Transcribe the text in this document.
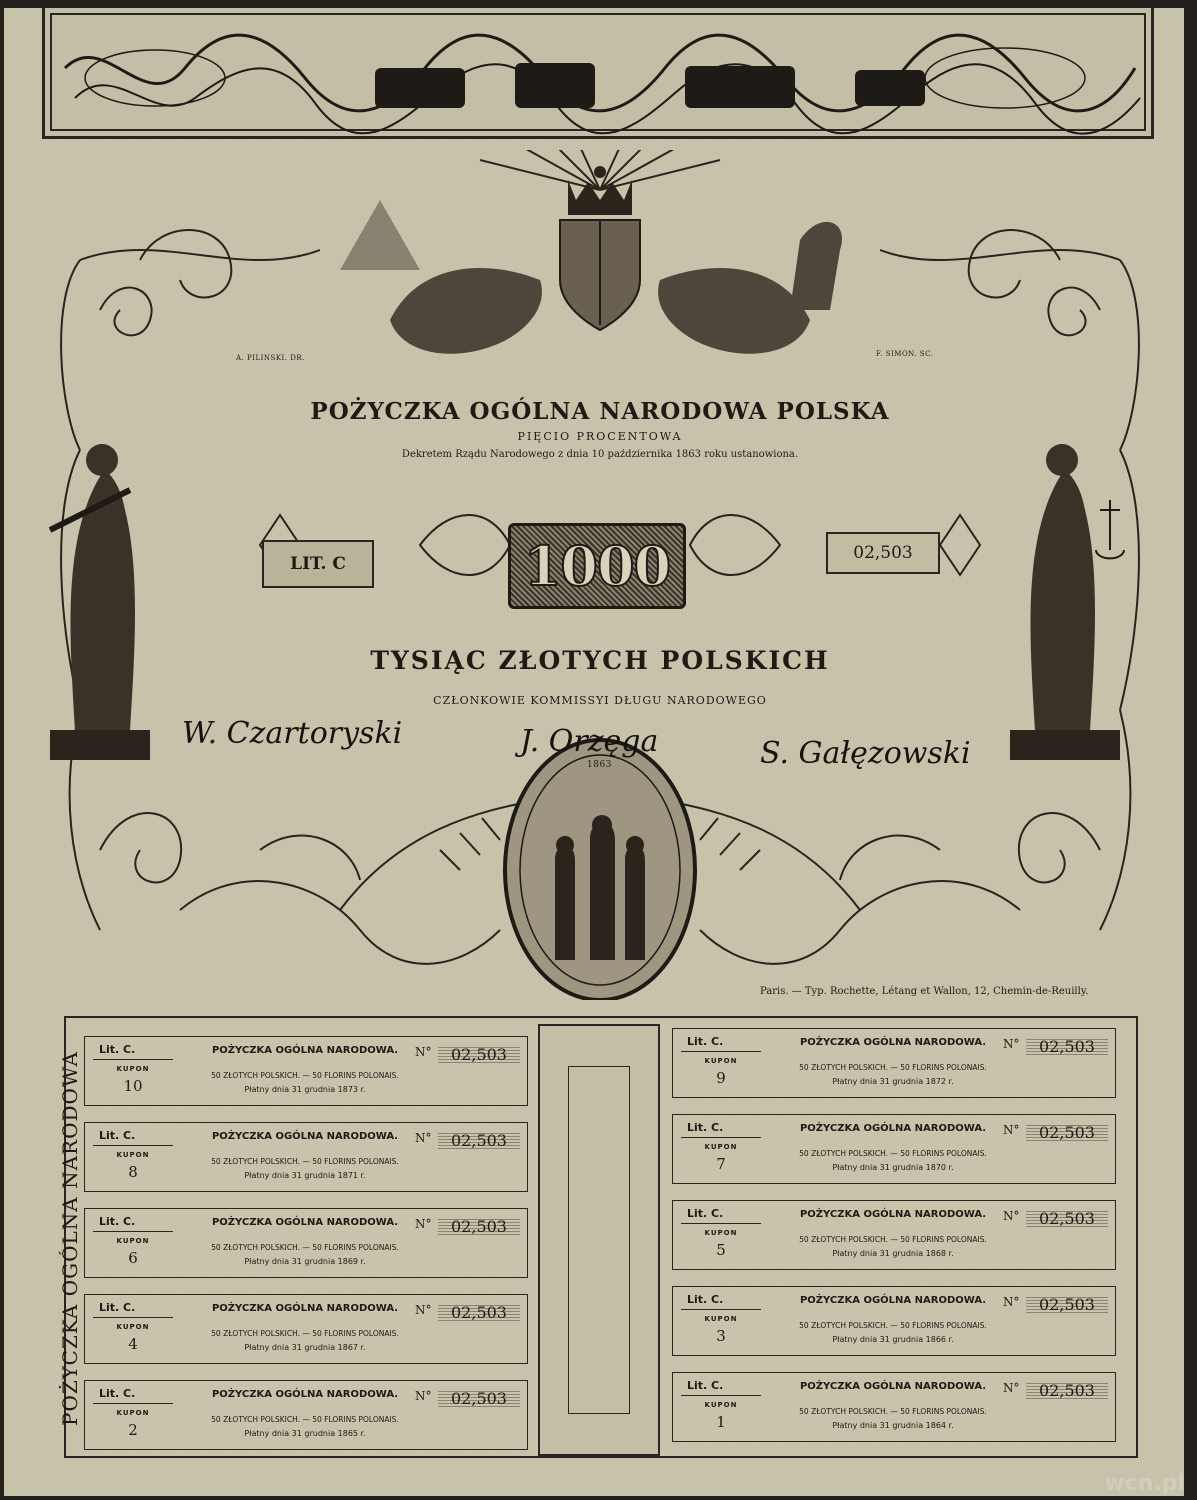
POŻYCZKA OGÓLNA NARODOWA POLSKA
PIĘCIO PROCENTOWA
Dekretem Rządu Narodowego z dnia 10 października 1863 roku ustanowiona.
LIT. C	1000	02,503
TYSIĄC ZŁOTYCH POLSKICH
CZŁONKOWIE KOMMISSYI DŁUGU NARODOWEGO
A. PILINSKI. DR.	F. SIMON. SC.
1863
W. Czartoryski	J. Orzęga	S. Gałęzowski
Paris. — Typ. Rochette, Létang et Wallon, 12, Chemin-de-Reuilly.
POŻYCZKA OGÓLNA NARODOWA
Lit. C.
KUPON
10
POŻYCZKA OGÓLNA NARODOWA.
50 ZŁOTYCH POLSKICH. — 50 FLORINS POLONAIS.
Płatny dnia 31 grudnia 1873 r.
N°	02,503
Lit. C.
KUPON
8
POŻYCZKA OGÓLNA NARODOWA.
50 ZŁOTYCH POLSKICH. — 50 FLORINS POLONAIS.
Płatny dnia 31 grudnia 1871 r.
N°	02,503
Lit. C.
KUPON
6
POŻYCZKA OGÓLNA NARODOWA.
50 ZŁOTYCH POLSKICH. — 50 FLORINS POLONAIS.
Płatny dnia 31 grudnia 1869 r.
N°	02,503
Lit. C.
KUPON
4
POŻYCZKA OGÓLNA NARODOWA.
50 ZŁOTYCH POLSKICH. — 50 FLORINS POLONAIS.
Płatny dnia 31 grudnia 1867 r.
N°	02,503
Lit. C.
KUPON
2
POŻYCZKA OGÓLNA NARODOWA.
50 ZŁOTYCH POLSKICH. — 50 FLORINS POLONAIS.
Płatny dnia 31 grudnia 1865 r.
N°	02,503
Lit. C.
KUPON
9
POŻYCZKA OGÓLNA NARODOWA.
50 ZŁOTYCH POLSKICH. — 50 FLORINS POLONAIS.
Płatny dnia 31 grudnia 1872 r.
N°	02,503
Lit. C.
KUPON
7
POŻYCZKA OGÓLNA NARODOWA.
50 ZŁOTYCH POLSKICH. — 50 FLORINS POLONAIS.
Płatny dnia 31 grudnia 1870 r.
N°	02,503
Lit. C.
KUPON
5
POŻYCZKA OGÓLNA NARODOWA.
50 ZŁOTYCH POLSKICH. — 50 FLORINS POLONAIS.
Płatny dnia 31 grudnia 1868 r.
N°	02,503
Lit. C.
KUPON
3
POŻYCZKA OGÓLNA NARODOWA.
50 ZŁOTYCH POLSKICH. — 50 FLORINS POLONAIS.
Płatny dnia 31 grudnia 1866 r.
N°	02,503
Lit. C.
KUPON
1
POŻYCZKA OGÓLNA NARODOWA.
50 ZŁOTYCH POLSKICH. — 50 FLORINS POLONAIS.
Płatny dnia 31 grudnia 1864 r.
N°	02,503
wcn.pl
